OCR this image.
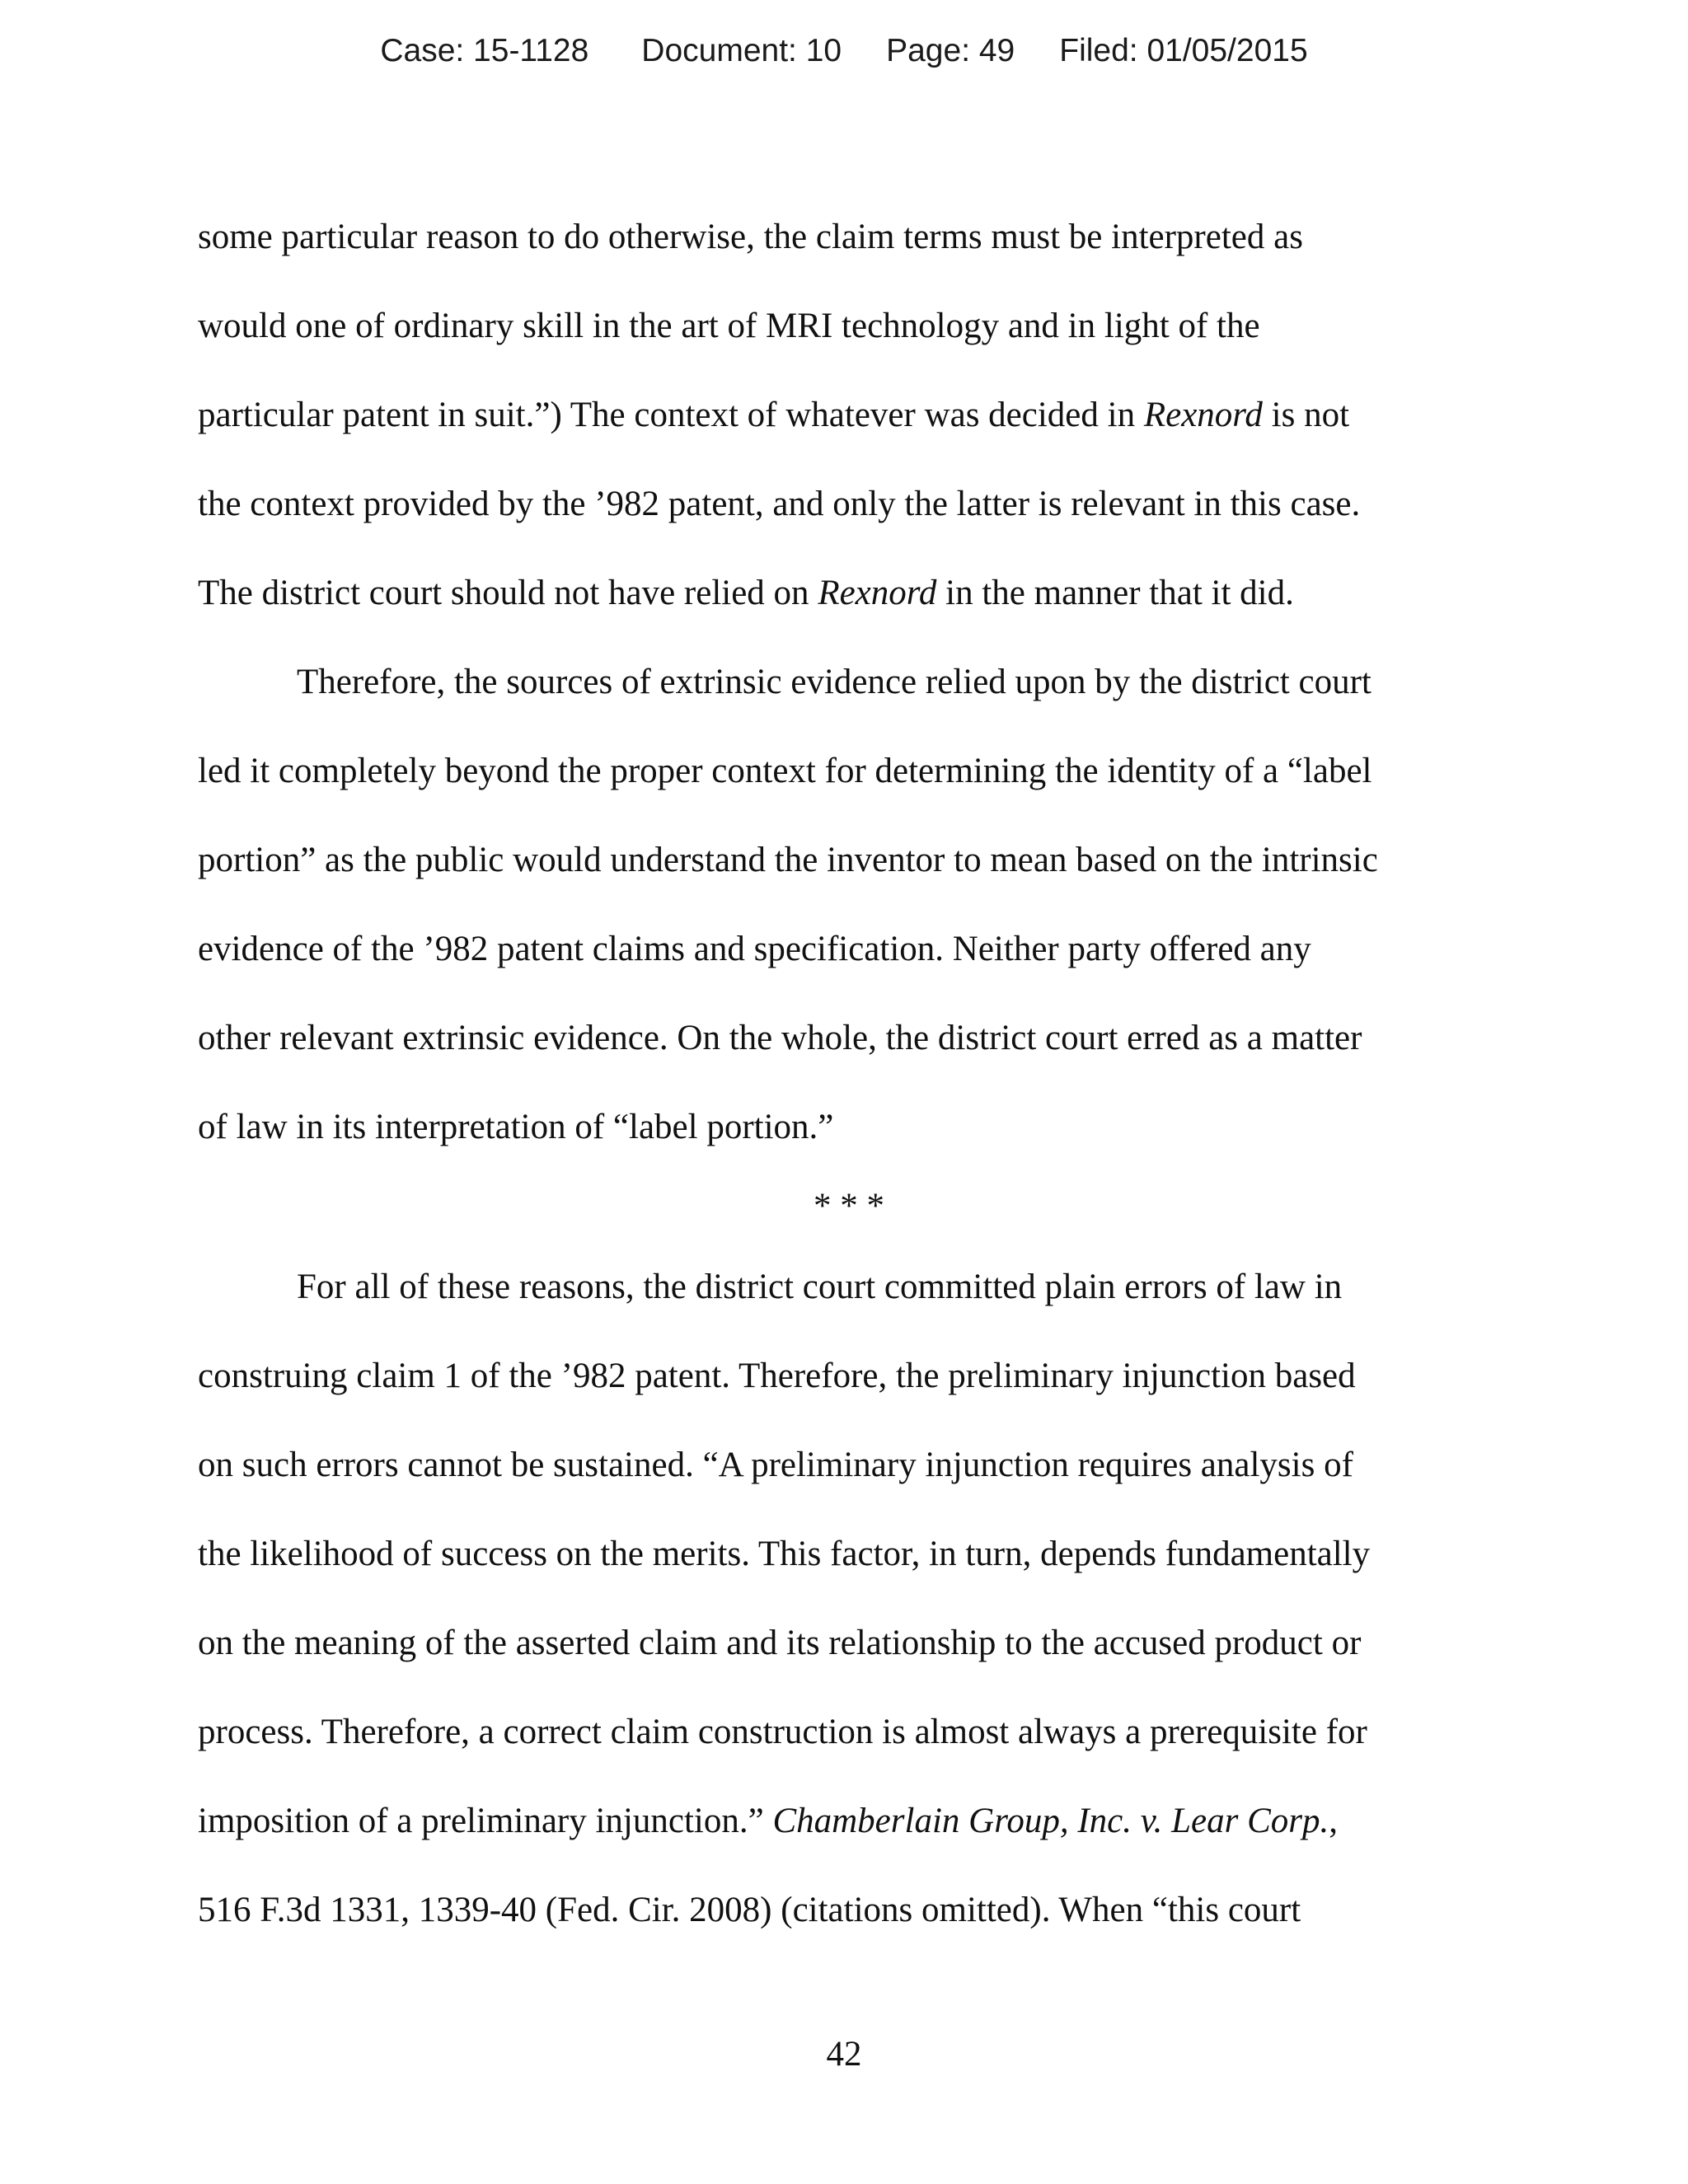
Case: 15-1128 Document: 10 Page: 49 Filed: 01/05/2015
some particular reason to do otherwise, the claim terms must be interpreted as
would one of ordinary skill in the art of MRI technology and in light of the
particular patent in suit.”) The context of whatever was decided in Rexnord is not
the context provided by the ’982 patent, and only the latter is relevant in this case.
The district court should not have relied on Rexnord in the manner that it did.
Therefore, the sources of extrinsic evidence relied upon by the district court
led it completely beyond the proper context for determining the identity of a “label
portion” as the public would understand the inventor to mean based on the intrinsic
evidence of the ’982 patent claims and specification. Neither party offered any
other relevant extrinsic evidence. On the whole, the district court erred as a matter
of law in its interpretation of “label portion.”
* * *
For all of these reasons, the district court committed plain errors of law in
construing claim 1 of the ’982 patent. Therefore, the preliminary injunction based
on such errors cannot be sustained. “A preliminary injunction requires analysis of
the likelihood of success on the merits. This factor, in turn, depends fundamentally
on the meaning of the asserted claim and its relationship to the accused product or
process. Therefore, a correct claim construction is almost always a prerequisite for
imposition of a preliminary injunction.” Chamberlain Group, Inc. v. Lear Corp.,
516 F.3d 1331, 1339-40 (Fed. Cir. 2008) (citations omitted). When “this court
42
